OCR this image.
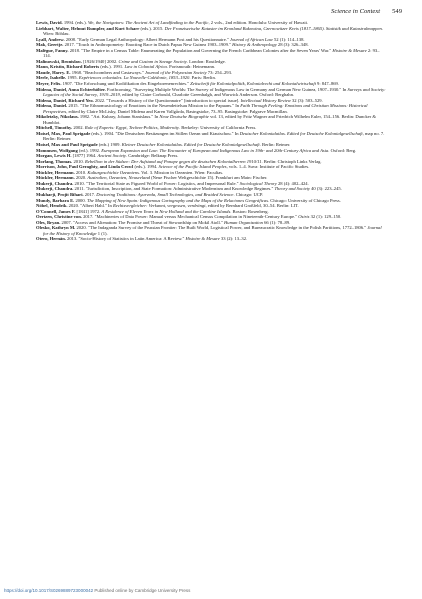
Science in Context 549

Lewis, David. 1994. (eds.). We, the Navigators: The Ancient Art of Landfinding in the Pacific, 2 vols., 2nd edition. Honolulu: University of Hawaii.

Liebhart, Walter, Helmut Rumpler, and Kurt Scharr (eds.). 2015. Der Franziszeische Kataster im Kronland Bukowina, Czernowitzer Kreis (1817–1865). Statistik und Katastralmappen. Wien: Böhlau.

Lyall, Andrew. 2008. "Early German Legal Anthropology: Albert Hermann Post and his Questionnaire." Journal of African Law 52 (1): 114–138.

Mak, Geertje. 2017. "Touch in Anthropometry: Enacting Race in Dutch Papua New Guinea 1903–1909." History & Anthropology 28 (3): 326–348.

Malègue, Fanny. 2018. "The Empire in a Census Table: Enumerating the Population and Governing the French Caribbean Colonies after the Seven Years' War." Histoire & Mesure 2: 93–114.

Malinowski, Bronisław. [1926/1940] 2002. Crime and Custom in Savage Society. London: Routledge.

Mann, Kristin, Richard Roberts (eds.). 1991. Law in Colonial Africa. Portsmouth: Heinemann.

Maude, Harry. E. 1968. "Beachcombers and Castaways." Journal of the Polynesian Society 73: 254–293.

Merle, Isabelle. 1995. Expériences coloniales. La Nouvelle-Calédonie, 1853–1920. Paris: Berlin.

Meyer, Felix. 1907. "Die Erforschung und Kodifikation des Eingeborenenrechtes." Zeitschrift für Kolonialpolitik, Kolonialrecht und Kolonialwirtschaft 9: 847–869.

Midena, Daniel, Anna Echterhölter. Forthcoming. "Surveying Multiple Worlds: The Survey of Indigenous Law in Germany and German New Guinea, 1907–1930." In Surveys and Society: Legacies of the Social Survey, 1919–2019, edited by Claire Corbould, Charlotte Greenhalgh, and Warwick Anderson. Oxford: Berghahn.

Midena, Daniel, Richard Yeo. 2022. "Towards a History of the Questionnaire" [introduction to special issue]. Intellectual History Review 32 (3): 503–529.

Midena, Daniel. 2015. "The Ethnomusicology of Emotions in the Neuendettelsau Mission to the Papuans." In Faith Through Feeling: Emotions and Christian Missions: Historical Perspectives, edited by Claire McLisky, Daniel Midena and Karen Vallgårda, Basingstoke, 73–95. Basingstoke: Palgrave Macmillan.

Mikoletzky, Nikolaus. 1982. "Art. Kubary, Johann Stanislaus." In Neue Deutsche Biographie vol. 13, edited by Fritz Wagner and Friedrich Wilhelm Euler, 154–156. Berlin: Duncker & Humblot.

Mitchell, Timothy. 2002. Rule of Experts: Egypt, Techno-Politics, Modernity. Berkeley: University of California Press.

Moisel, Max, Paul Sprigade (eds.). 1904. "Die Deutschen Besitzungen im Stillen Ozean und Kiautschou." In Deutscher Kolonialatlas. Edited for Deutsche Kolonialgesellschaft, map no. 7. Berlin: Reimer.

Moisel, Max and Paul Sprigade (eds.) 1909. Kleiner Deutscher Kolonialatlas. Edited for Deutsche Kolonialgesellschaft. Berlin: Reimer.

Mommsen, Wolfgang (ed.). 1992. European Expansion and Law: The Encounter of European and Indigenous Law in 19th- and 20th-Century Africa and Asia. Oxford: Berg.

Morgan, Lewis H. [1877] 1964. Ancient Society. Cambridge: Belknap Press.

Morlang, Thomas. 2010. Rebellion in der Südsee: Der Aufstand auf Ponape gegen die deutschen Kolonialherren 1910/11. Berlin: Christoph Links Verlag.

Morrison, John, Paul Geraghty, and Linda Crowl (eds.). 1994. Science of the Pacific Island Peoples, vols. 1–4. Suva: Institute of Pacific Studies.

Mückler, Hermann. 2010. Kulturgeschichte Ozeaniens. Vol. 3. Mission in Ozeanien. Wien: Facultas.

Mückler, Hermann. 2020. Australien, Ozeanien, Neuseeland (Neue Fischer Weltgeschichte 15). Frankfurt am Main: Fischer.

Mukerji, Chandra. 2010. "The Territorial State as Figured World of Power: Logistics, and Impersonal Rule." Sociological Theory 28 (4): 402–424.

Mukerji, Chandra. 2011. "Jurisdiction, Inscription, and State Formation: Administrative Modernism and Knowledge Regimes." Theory and Society 40 (3): 223–245.

Mukharji, Projit Bihari. 2017. Doctoring Traditions: Ayurveda, Small Technologies, and Braided Science. Chicago: UCP.

Mundy, Barbara E. 2000. The Mapping of New Spain: Indigenous Cartography and the Maps of the Relaciones Geográficas. Chicago: University of Chicago Press.

Nöbel, Hendrik. 2020. "Albert Hahl." In Rechtsvergleicher: Verkannt, vergessen, verdrängt, edited by Bernhard Großfeld, 30–54. Berlin: LIT.

O'Connell, James F. [1841] 1972. A Residence of Eleven Years in New Holland and the Caroline Islands. Boston: Rosenberg.

Oertzen, Christine von. 2017. "Machineries of Data Power: Manual versus Mechanical Census Compilation in Nineteenth-Century Europe." Osiris 32 (1): 129–150.

Oles, Bryan. 2007. "Access and Alienation: The Promise and Threat of Stewardship on Mokil Atoll." Human Organization 66 (1): 78–89.

Olesko, Kathryn M. 2020. "The Indaganda Survey of the Prussian Frontier: The Built World, Logistical Power, and Bureaucratic Knowledge in the Polish Partitions, 1772–1806." Journal for the History of Knowledge 1 (1).

Otero, Hernán. 2013. "Socio-History of Statistics in Latin America: A Review." Histoire & Mesure 33 (2): 13–32.

https://doi.org/10.1017/S0269889723000042 Published online by Cambridge University Press
